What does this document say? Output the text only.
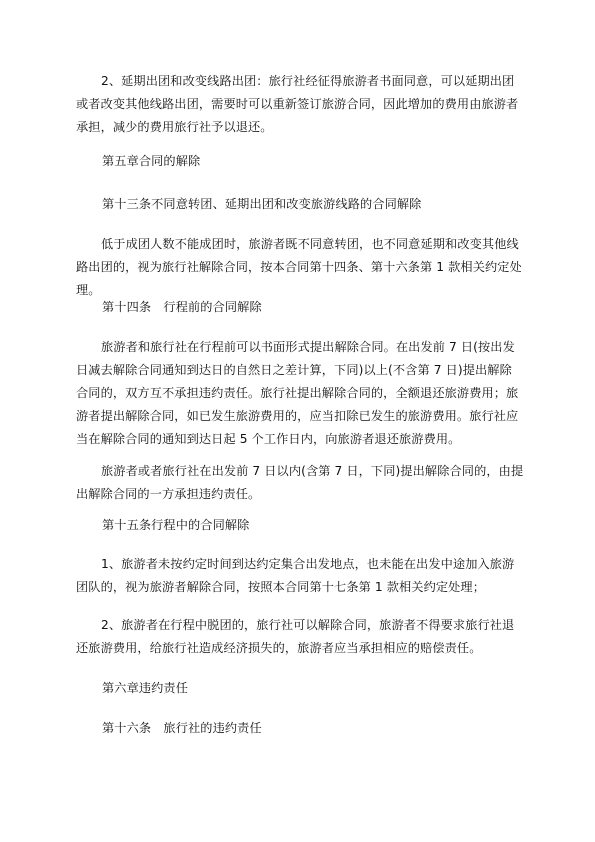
2、延期出团和改变线路出团：旅行社经征得旅游者书面同意，可以延期出团或者改变其他线路出团，需要时可以重新签订旅游合同，因此增加的费用由旅游者承担，减少的费用旅行社予以退还。

第五章合同的解除

第十三条不同意转团、延期出团和改变旅游线路的合同解除

低于成团人数不能成团时，旅游者既不同意转团，也不同意延期和改变其他线路出团的，视为旅行社解除合同，按本合同第十四条、第十六条第 1 款相关约定处理。

第十四条　行程前的合同解除

旅游者和旅行社在行程前可以书面形式提出解除合同。在出发前 7 日(按出发日减去解除合同通知到达日的自然日之差计算，下同)以上(不含第 7 日)提出解除合同的，双方互不承担违约责任。旅行社提出解除合同的，全额退还旅游费用；旅游者提出解除合同，如已发生旅游费用的，应当扣除已发生的旅游费用。旅行社应当在解除合同的通知到达日起 5 个工作日内，向旅游者退还旅游费用。

旅游者或者旅行社在出发前 7 日以内(含第 7 日，下同)提出解除合同的，由提出解除合同的一方承担违约责任。

第十五条行程中的合同解除

1、旅游者未按约定时间到达约定集合出发地点，也未能在出发中途加入旅游团队的，视为旅游者解除合同，按照本合同第十七条第 1 款相关约定处理；

2、旅游者在行程中脱团的，旅行社可以解除合同，旅游者不得要求旅行社退还旅游费用，给旅行社造成经济损失的，旅游者应当承担相应的赔偿责任。

第六章违约责任

第十六条　旅行社的违约责任
